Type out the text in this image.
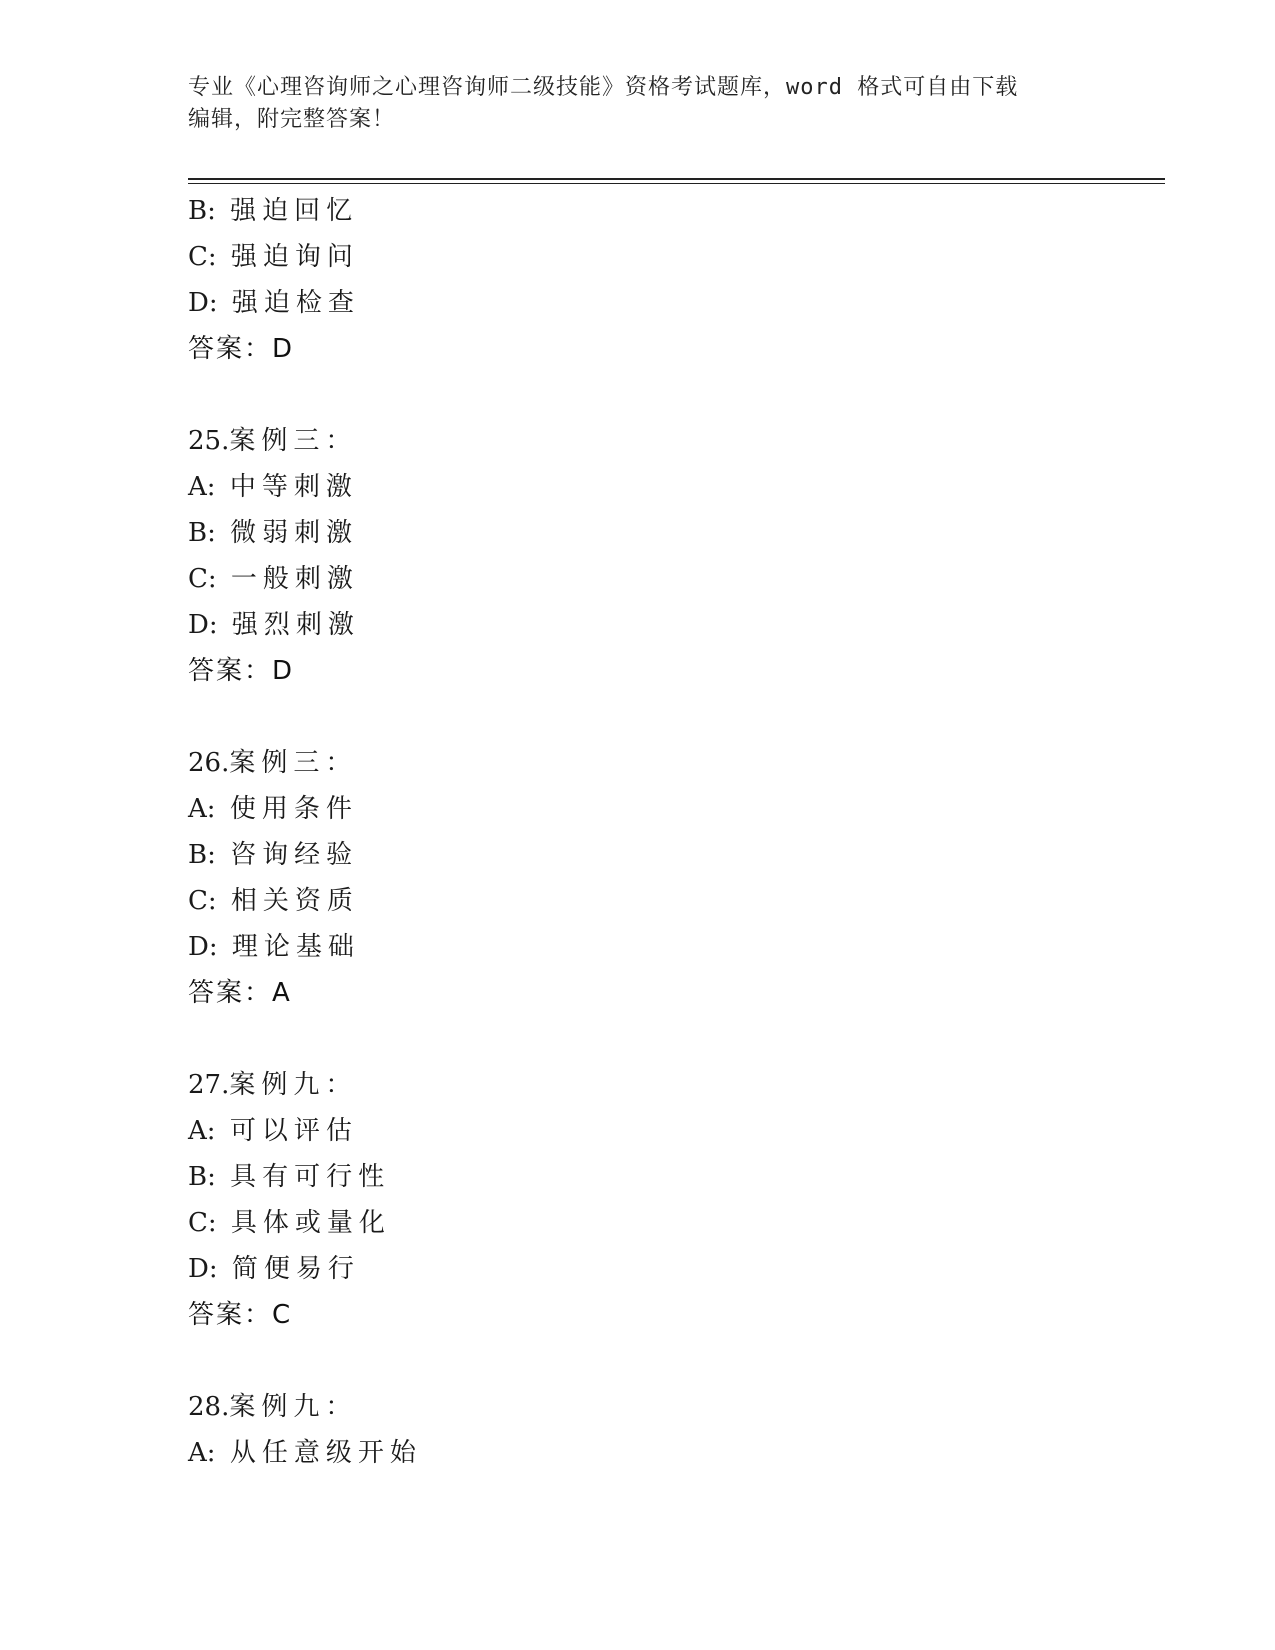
专业《心理咨询师之心理咨询师二级技能》资格考试题库，word 格式可自由下载
编辑，附完整答案！
B: 强迫回忆
C: 强迫询问
D: 强迫检查
答案：D
25.案例三：
A: 中等刺激
B: 微弱刺激
C: 一般刺激
D: 强烈刺激
答案：D
26.案例三：
A: 使用条件
B: 咨询经验
C: 相关资质
D: 理论基础
答案：A
27.案例九：
A: 可以评估
B: 具有可行性
C: 具体或量化
D: 简便易行
答案：C
28.案例九：
A: 从任意级开始
